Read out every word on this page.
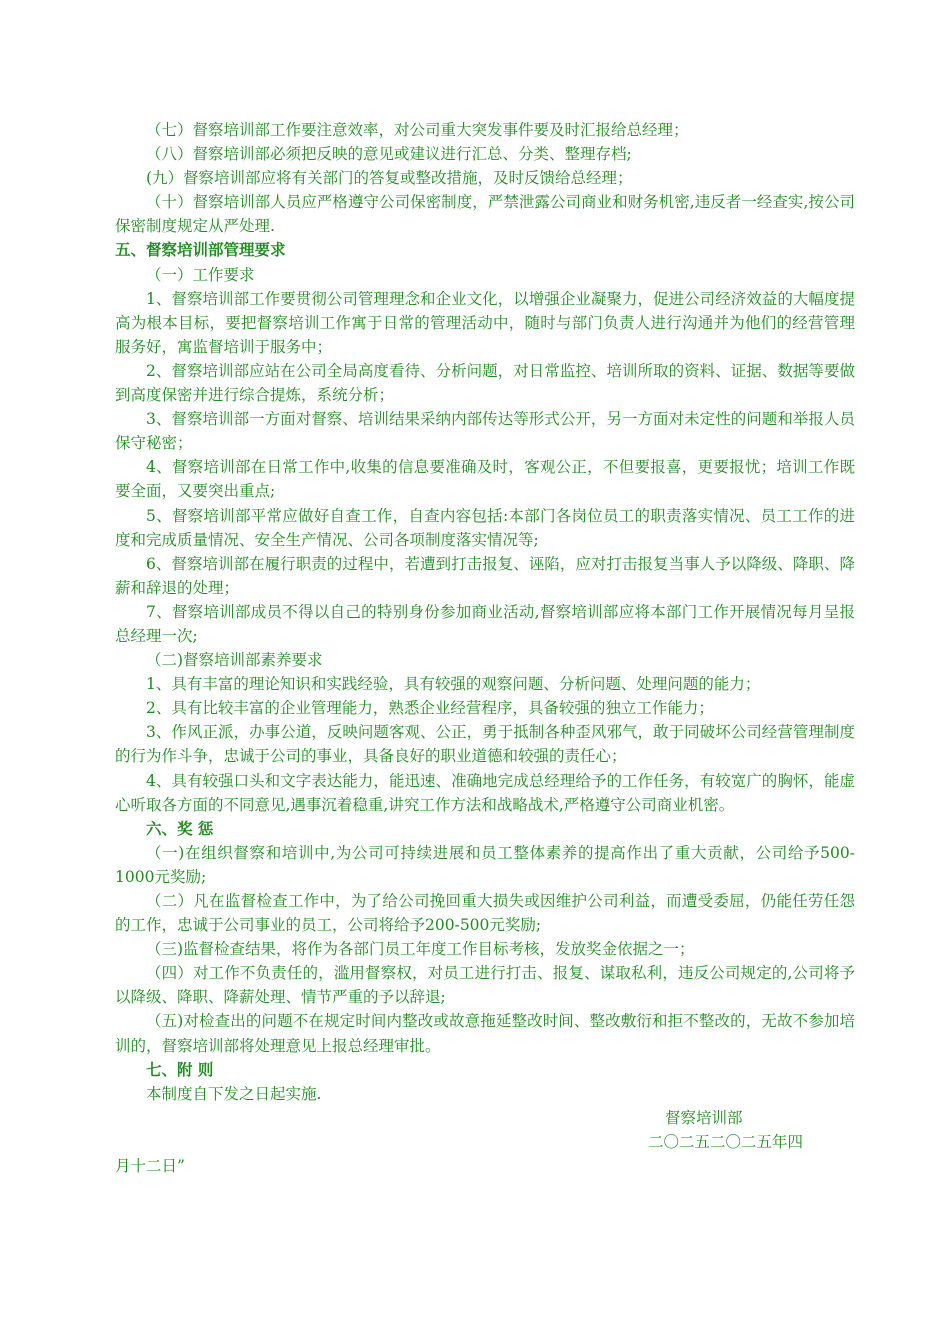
（七）督察培训部工作要注意效率，对公司重大突发事件要及时汇报给总经理；

（八）督察培训部必须把反映的意见或建议进行汇总、分类、整理存档;

(九）督察培训部应将有关部门的答复或整改措施，及时反馈给总经理；

（十）督察培训部人员应严格遵守公司保密制度，严禁泄露公司商业和财务机密,违反者一经查实,按公司保密制度规定从严处理.

五、督察培训部管理要求

（一）工作要求

1、督察培训部工作要贯彻公司管理理念和企业文化，以增强企业凝聚力，促进公司经济效益的大幅度提高为根本目标，要把督察培训工作寓于日常的管理活动中，随时与部门负责人进行沟通并为他们的经营管理服务好，寓监督培训于服务中；

2、督察培训部应站在公司全局高度看待、分析问题，对日常监控、培训所取的资料、证据、数据等要做到高度保密并进行综合提炼，系统分析；

3、督察培训部一方面对督察、培训结果采纳内部传达等形式公开，另一方面对未定性的问题和举报人员保守秘密；

4、督察培训部在日常工作中,收集的信息要准确及时，客观公正，不但要报喜，更要报忧；培训工作既要全面，又要突出重点;

5、督察培训部平常应做好自查工作，自查内容包括:本部门各岗位员工的职责落实情况、员工工作的进度和完成质量情况、安全生产情况、公司各项制度落实情况等;

6、督察培训部在履行职责的过程中，若遭到打击报复、诬陷，应对打击报复当事人予以降级、降职、降薪和辞退的处理；

7、督察培训部成员不得以自己的特别身份参加商业活动,督察培训部应将本部门工作开展情况每月呈报总经理一次;

（二)督察培训部素养要求

1、具有丰富的理论知识和实践经验，具有较强的观察问题、分析问题、处理问题的能力；

2、具有比较丰富的企业管理能力，熟悉企业经营程序，具备较强的独立工作能力；

3、作风正派，办事公道，反映问题客观、公正，勇于抵制各种歪风邪气，敢于同破坏公司经营管理制度的行为作斗争，忠诚于公司的事业，具备良好的职业道德和较强的责任心；

4、具有较强口头和文字表达能力，能迅速、准确地完成总经理给予的工作任务，有较宽广的胸怀，能虚心听取各方面的不同意见,遇事沉着稳重,讲究工作方法和战略战术,严格遵守公司商业机密。

六、奖 惩

（一)在组织督察和培训中,为公司可持续进展和员工整体素养的提高作出了重大贡献，公司给予500-1000元奖励;

（二）凡在监督检查工作中，为了给公司挽回重大损失或因维护公司利益，而遭受委屈，仍能任劳任怨的工作，忠诚于公司事业的员工，公司将给予200-500元奖励;

（三)监督检查结果，将作为各部门员工年度工作目标考核，发放奖金依据之一；

（四）对工作不负责任的，滥用督察权，对员工进行打击、报复、谋取私利，违反公司规定的,公司将予以降级、降职、降薪处理、情节严重的予以辞退;

（五)对检查出的问题不在规定时间内整改或故意拖延整改时间、整改敷衍和拒不整改的，无故不参加培训的，督察培训部将处理意见上报总经理审批。

七、附 则

本制度自下发之日起实施.

督察培训部

二〇二五二〇二五年四

月十二日”
